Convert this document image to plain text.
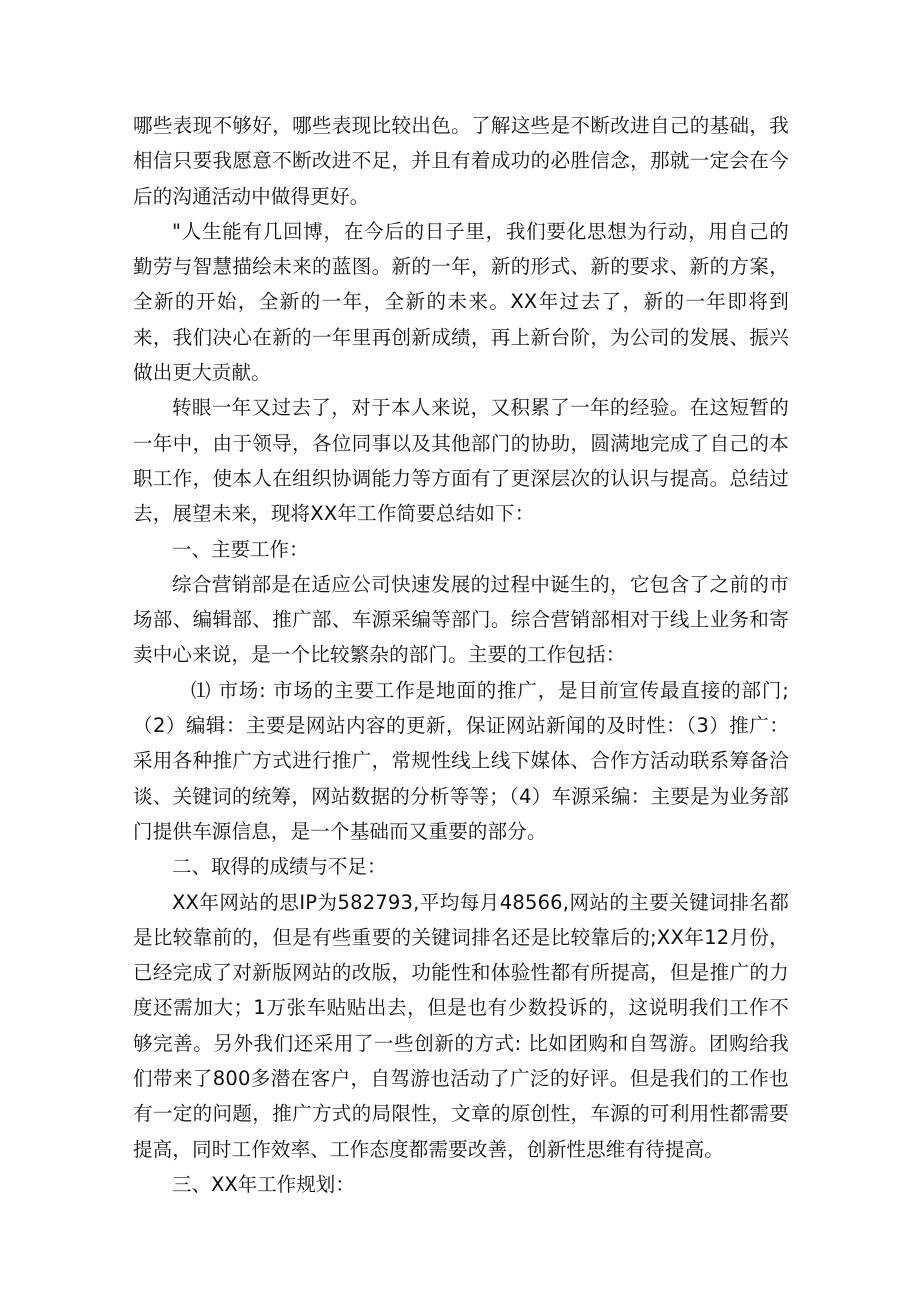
哪些表现不够好，哪些表现比较出色。了解这些是不断改进自己的基础，我相信只要我愿意不断改进不足，并且有着成功的必胜信念，那就一定会在今后的沟通活动中做得更好。

"人生能有几回博，在今后的日子里，我们要化思想为行动，用自己的勤劳与智慧描绘未来的蓝图。新的一年，新的形式、新的要求、新的方案，全新的开始，全新的一年，全新的未来。XX年过去了，新的一年即将到来，我们决心在新的一年里再创新成绩，再上新台阶，为公司的发展、振兴做出更大贡献。

转眼一年又过去了，对于本人来说，又积累了一年的经验。在这短暂的一年中，由于领导，各位同事以及其他部门的协助，圆满地完成了自己的本职工作，使本人在组织协调能力等方面有了更深层次的认识与提高。总结过去，展望未来，现将XX年工作简要总结如下：

一、主要工作：

综合营销部是在适应公司快速发展的过程中诞生的，它包含了之前的市场部、编辑部、推广部、车源采编等部门。综合营销部相对于线上业务和寄卖中心来说，是一个比较繁杂的部门。主要的工作包括：

⑴ 市场: 市场的主要工作是地面的推广，是目前宣传最直接的部门;（2）编辑：主要是网站内容的更新，保证网站新闻的及时性：（3）推广：采用各种推广方式进行推广，常规性线上线下媒体、合作方活动联系筹备洽谈、关键词的统筹，网站数据的分析等等；（4）车源采编：主要是为业务部门提供车源信息，是一个基础而又重要的部分。

二、取得的成绩与不足：

XX年网站的思IP为582793,平均每月48566,网站的主要关键词排名都是比较靠前的，但是有些重要的关键词排名还是比较靠后的;XX年12月份，已经完成了对新版网站的改版，功能性和体验性都有所提高，但是推广的力度还需加大；1万张车贴贴出去，但是也有少数投诉的，这说明我们工作不够完善。另外我们还采用了一些创新的方式: 比如团购和自驾游。团购给我们带来了800多潜在客户，自驾游也活动了广泛的好评。但是我们的工作也有一定的问题，推广方式的局限性，文章的原创性，车源的可利用性都需要提高，同时工作效率、工作态度都需要改善，创新性思维有待提高。

三、XX年工作规划：
